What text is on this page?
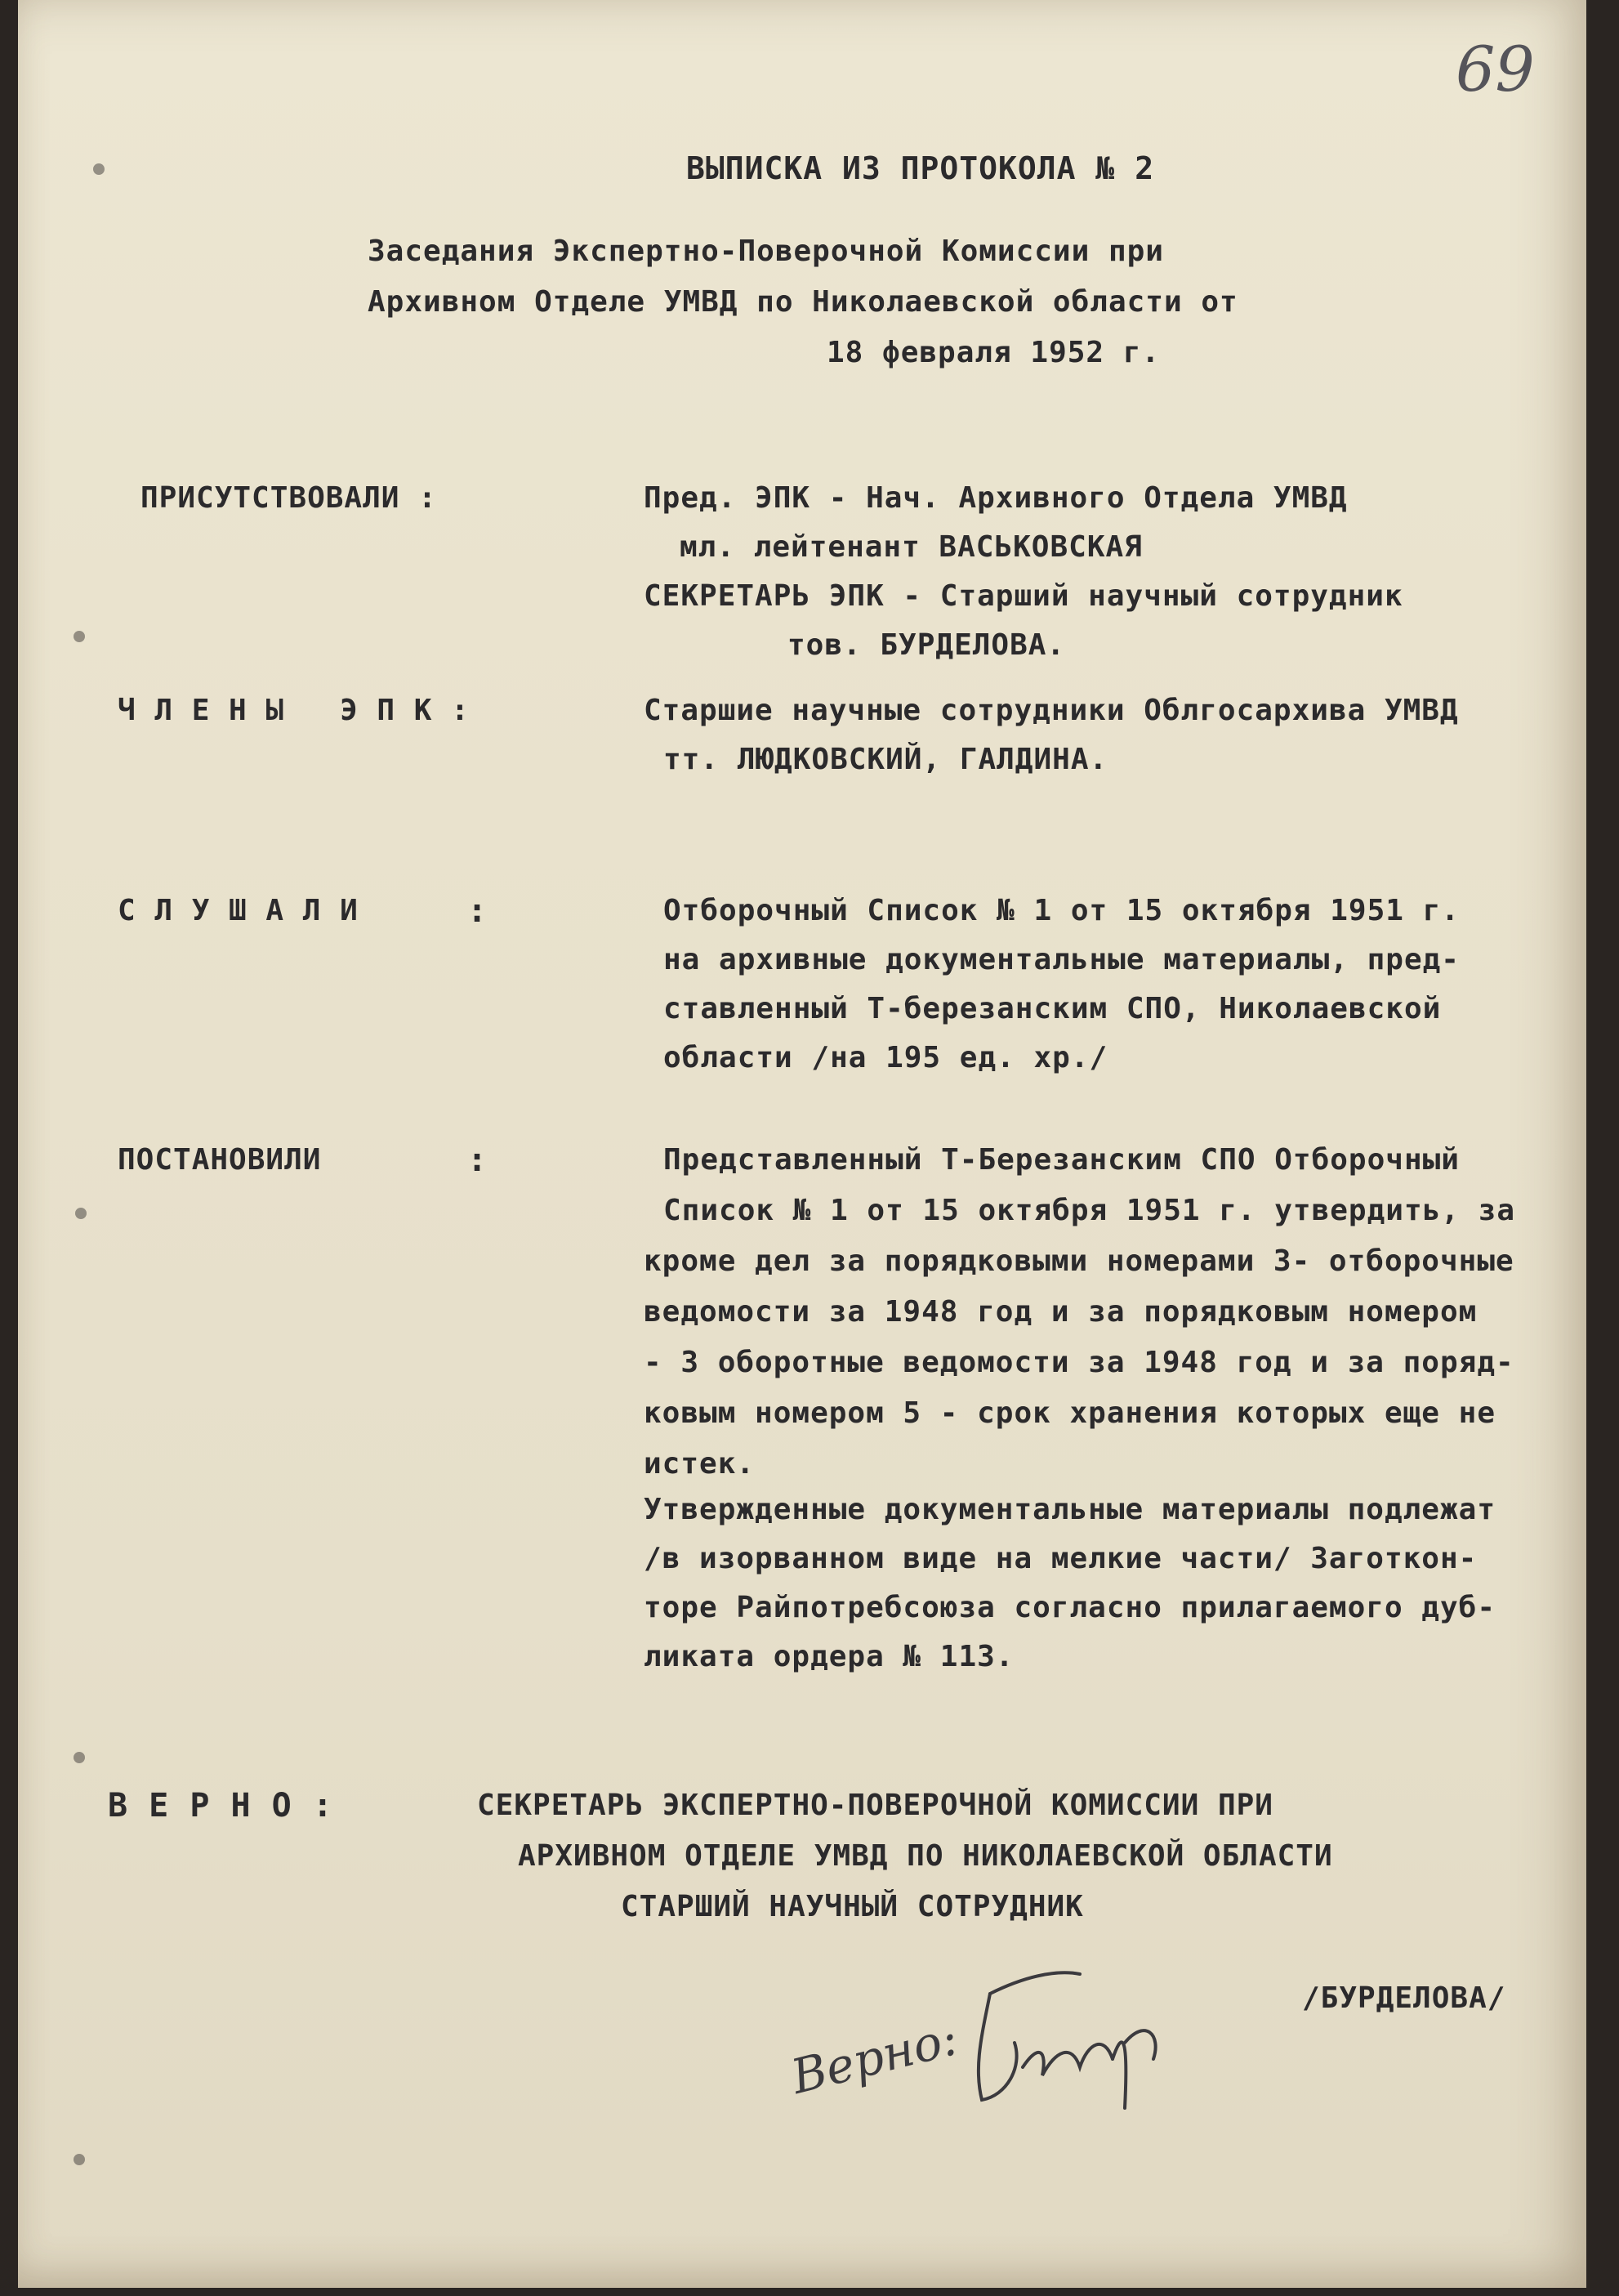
69
ВЫПИСКА ИЗ ПРОТОКОЛА № 2
Заседания Экспертно-Поверочной Комиссии при
Архивном Отделе УМВД по Николаевской области от
18 февраля 1952 г.
ПРИСУТСТВОВАЛИ :	Пред. ЭПК - Нач. Архивного Отдела УМВД
мл. лейтенант ВАСЬКОВСКАЯ
СЕКРЕТАРЬ ЭПК - Старший научный сотрудник
тов. БУРДЕЛОВА.
Ч Л Е Н Ы   Э П К :	Старшие научные сотрудники Облгосархива УМВД
тт. ЛЮДКОВСКИЙ, ГАЛДИНА.
С Л У Ш А Л И	:	Отборочный Список № 1 от 15 октября 1951 г.
на архивные документальные материалы, пред-
ставленный Т-березанским СПО, Николаевской
области /на 195 ед. хр./
ПОСТАНОВИЛИ	:	Представленный Т-Березанским СПО Отборочный
Список № 1 от 15 октября 1951 г. утвердить, за
кроме дел за порядковыми номерами 3- отборочные
ведомости за 1948 год и за порядковым номером
- 3 оборотные ведомости за 1948 год и за поряд-
ковым номером 5 - срок хранения которых еще не
истек.
Утвержденные документальные материалы подлежат
/в изорванном виде на мелкие части/ Заготкон-
торе Райпотребсоюза согласно прилагаемого дуб-
ликата ордера № 113.
В Е Р Н О :	СЕКРЕТАРЬ ЭКСПЕРТНО-ПОВЕРОЧНОЙ КОМИССИИ ПРИ
АРХИВНОМ ОТДЕЛЕ УМВД ПО НИКОЛАЕВСКОЙ ОБЛАСТИ
СТАРШИЙ НАУЧНЫЙ СОТРУДНИК
/БУРДЕЛОВА/
Верно:
